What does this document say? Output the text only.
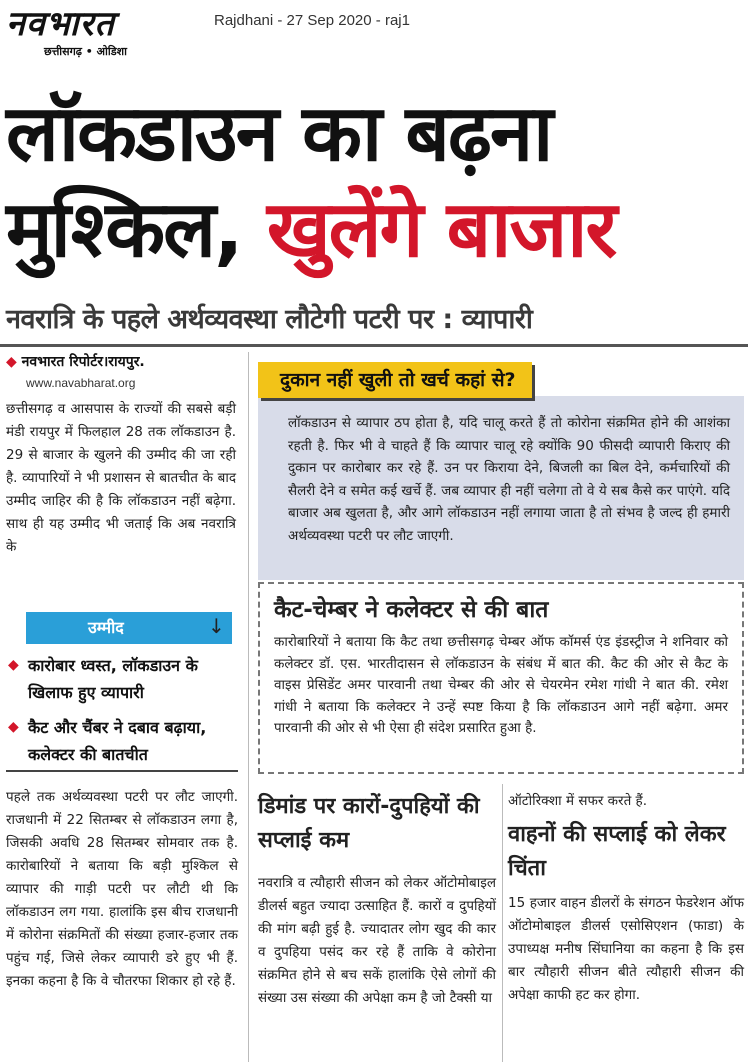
नवभारत
छत्तीसगढ़ • ओडिशा
Rajdhani - 27 Sep 2020 - raj1
लॉकडाउन का बढ़ना
मुश्किल, खुलेंगे बाजार
नवरात्रि के पहले अर्थव्यवस्था लौटेगी पटरी पर : व्यापारी
◆ नवभारत रिपोर्टर।रायपुर.
www.navabharat.org
छत्तीसगढ़ व आसपास के राज्यों की सबसे बड़ी मंडी रायपुर में फिलहाल 28 तक लॉकडाउन है. 29 से बाजार के खुलने की उम्मीद की जा रही है. व्यापारियों ने भी प्रशासन से बातचीत के बाद उम्मीद जाहिर की है कि लॉकडाउन नहीं बढ़ेगा. साथ ही यह उम्मीद भी जताई कि अब नवरात्रि के
उम्मीद	↓
◆ कारोबार ध्वस्त, लॉकडाउन के खिलाफ हुए व्यापारी
◆ कैट और चैंबर ने दबाव बढ़ाया, कलेक्टर की बातचीत
पहले तक अर्थव्यवस्था पटरी पर लौट जाएगी. राजधानी में 22 सितम्बर से लॉकडाउन लगा है, जिसकी अवधि 28 सितम्बर सोमवार तक है. कारोबारियों ने बताया कि बड़ी मुश्किल से व्यापार की गाड़ी पटरी पर लौटी थी कि लॉकडाउन लग गया. हालांकि इस बीच राजधानी में कोरोना संक्रमितों की संख्या हजार-हजार तक पहुंच गई, जिसे लेकर व्यापारी डरे हुए भी हैं. इनका कहना है कि वे चौतरफा शिकार हो रहे हैं.
लॉकडाउन से व्यापार ठप होता है, यदि चालू करते हैं तो कोरोना संक्रमित होने की आशंका रहती है. फिर भी वे चाहते हैं कि व्यापार चालू रहे क्योंकि 90 फीसदी व्यापारी किराए की दुकान पर कारोबार कर रहे हैं. उन पर किराया देने, बिजली का बिल देने, कर्मचारियों की सैलरी देने व समेत कई खर्चे हैं. जब व्यापार ही नहीं चलेगा तो वे ये सब कैसे कर पाएंगे. यदि बाजार अब खुलता है, और आगे लॉकडाउन नहीं लगाया जाता है तो संभव है जल्द ही हमारी अर्थव्यवस्था पटरी पर लौट जाएगी.
दुकान नहीं खुली तो खर्च कहां से?
कैट-चेम्बर ने कलेक्टर से की बात
कारोबारियों ने बताया कि कैट तथा छत्तीसगढ़ चेम्बर ऑफ कॉमर्स एंड इंडस्ट्रीज ने शनिवार को कलेक्टर डॉ. एस. भारतीदासन से लॉकडाउन के संबंध में बात की. कैट की ओर से कैट के वाइस प्रेसिडेंट अमर पारवानी तथा चेम्बर की ओर से चेयरमेन रमेश गांधी ने बात की. रमेश गांधी ने बताया कि कलेक्टर ने उन्हें स्पष्ट किया है कि लॉकडाउन आगे नहीं बढ़ेगा. अमर पारवानी की ओर से भी ऐसा ही संदेश प्रसारित हुआ है.
डिमांड पर कारों-दुपहियों की सप्लाई कम
नवरात्रि व त्यौहारी सीजन को लेकर ऑटोमोबाइल डीलर्स बहुत ज्यादा उत्साहित हैं. कारों व दुपहियों की मांग बढ़ी हुई है. ज्यादातर लोग खुद की कार व दुपहिया पसंद कर रहे हैं ताकि वे कोरोना संक्रमित होने से बच सकें हालांकि ऐसे लोगों की संख्या उस संख्या की अपेक्षा कम है जो टैक्सी या
ऑटोरिक्शा में सफर करते हैं.
वाहनों की सप्लाई को लेकर चिंता
15 हजार वाहन डीलरों के संगठन फेडरेशन ऑफ ऑटोमोबाइल डीलर्स एसोसिएशन (फाडा) के उपाध्यक्ष मनीष सिंघानिया का कहना है कि इस बार त्यौहारी सीजन बीते त्यौहारी सीजन की अपेक्षा काफी हट कर होगा.
